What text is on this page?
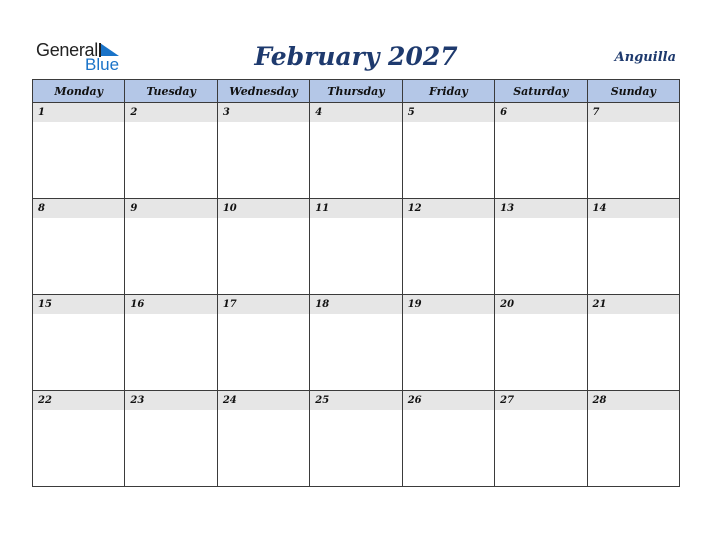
General
Blue	February 2027	Anguilla
Monday	Tuesday	Wednesday	Thursday	Friday	Saturday	Sunday

1	2	3	4	5	6	7

8	9	10	11	12	13	14

15	16	17	18	19	20	21

22	23	24	25	26	27	28
